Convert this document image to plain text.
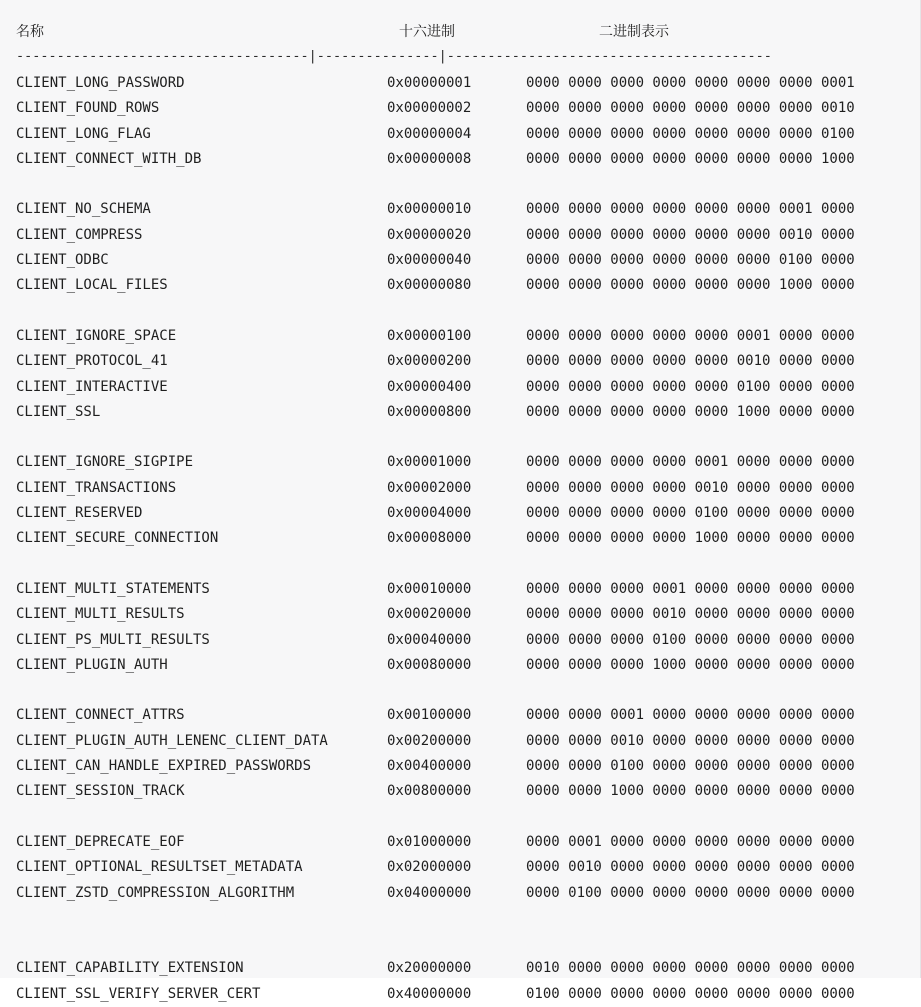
名称	十六进制	二进制表示
------------------------------------|---------------|----------------------------------------
CLIENT_LONG_PASSWORD	0x00000001	0000 0000 0000 0000 0000 0000 0000 0001
CLIENT_FOUND_ROWS	0x00000002	0000 0000 0000 0000 0000 0000 0000 0010
CLIENT_LONG_FLAG	0x00000004	0000 0000 0000 0000 0000 0000 0000 0100
CLIENT_CONNECT_WITH_DB	0x00000008	0000 0000 0000 0000 0000 0000 0000 1000
CLIENT_NO_SCHEMA	0x00000010	0000 0000 0000 0000 0000 0000 0001 0000
CLIENT_COMPRESS	0x00000020	0000 0000 0000 0000 0000 0000 0010 0000
CLIENT_ODBC	0x00000040	0000 0000 0000 0000 0000 0000 0100 0000
CLIENT_LOCAL_FILES	0x00000080	0000 0000 0000 0000 0000 0000 1000 0000
CLIENT_IGNORE_SPACE	0x00000100	0000 0000 0000 0000 0000 0001 0000 0000
CLIENT_PROTOCOL_41	0x00000200	0000 0000 0000 0000 0000 0010 0000 0000
CLIENT_INTERACTIVE	0x00000400	0000 0000 0000 0000 0000 0100 0000 0000
CLIENT_SSL	0x00000800	0000 0000 0000 0000 0000 1000 0000 0000
CLIENT_IGNORE_SIGPIPE	0x00001000	0000 0000 0000 0000 0001 0000 0000 0000
CLIENT_TRANSACTIONS	0x00002000	0000 0000 0000 0000 0010 0000 0000 0000
CLIENT_RESERVED	0x00004000	0000 0000 0000 0000 0100 0000 0000 0000
CLIENT_SECURE_CONNECTION	0x00008000	0000 0000 0000 0000 1000 0000 0000 0000
CLIENT_MULTI_STATEMENTS	0x00010000	0000 0000 0000 0001 0000 0000 0000 0000
CLIENT_MULTI_RESULTS	0x00020000	0000 0000 0000 0010 0000 0000 0000 0000
CLIENT_PS_MULTI_RESULTS	0x00040000	0000 0000 0000 0100 0000 0000 0000 0000
CLIENT_PLUGIN_AUTH	0x00080000	0000 0000 0000 1000 0000 0000 0000 0000
CLIENT_CONNECT_ATTRS	0x00100000	0000 0000 0001 0000 0000 0000 0000 0000
CLIENT_PLUGIN_AUTH_LENENC_CLIENT_DATA	0x00200000	0000 0000 0010 0000 0000 0000 0000 0000
CLIENT_CAN_HANDLE_EXPIRED_PASSWORDS	0x00400000	0000 0000 0100 0000 0000 0000 0000 0000
CLIENT_SESSION_TRACK	0x00800000	0000 0000 1000 0000 0000 0000 0000 0000
CLIENT_DEPRECATE_EOF	0x01000000	0000 0001 0000 0000 0000 0000 0000 0000
CLIENT_OPTIONAL_RESULTSET_METADATA	0x02000000	0000 0010 0000 0000 0000 0000 0000 0000
CLIENT_ZSTD_COMPRESSION_ALGORITHM	0x04000000	0000 0100 0000 0000 0000 0000 0000 0000
CLIENT_CAPABILITY_EXTENSION	0x20000000	0010 0000 0000 0000 0000 0000 0000 0000
CLIENT_SSL_VERIFY_SERVER_CERT	0x40000000	0100 0000 0000 0000 0000 0000 0000 0000
